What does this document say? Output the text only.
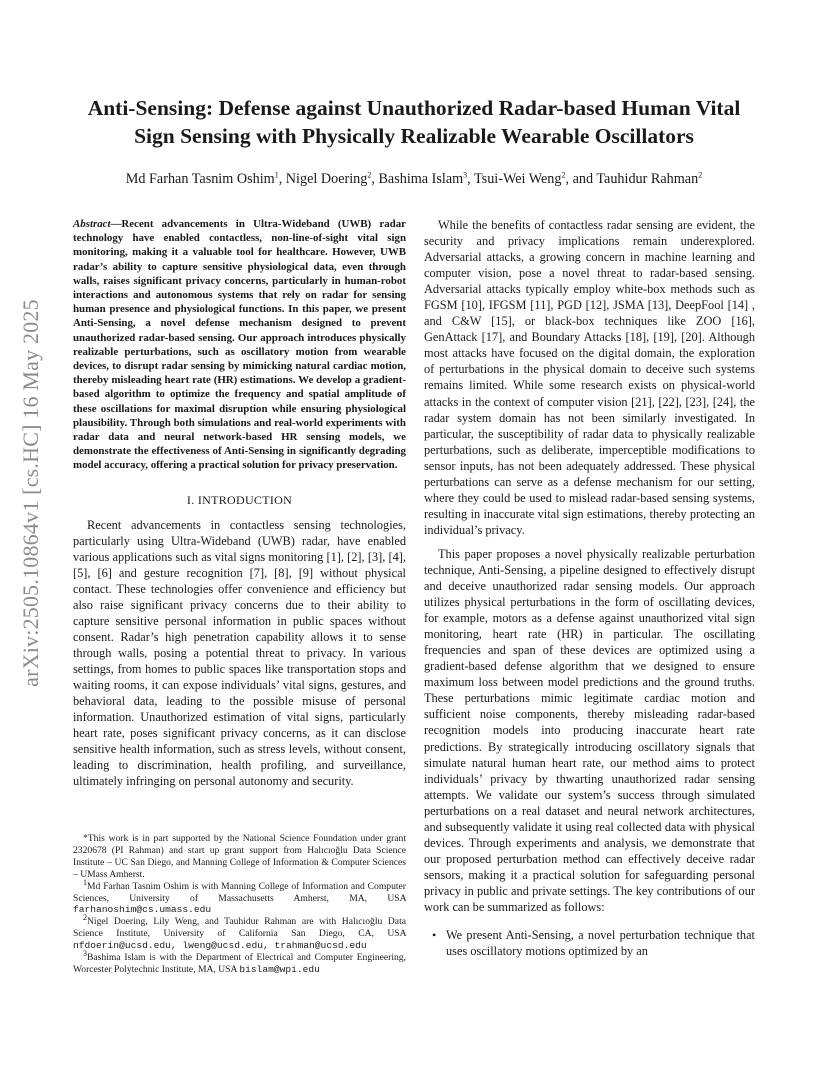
arXiv:2505.10864v1 [cs.HC] 16 May 2025
Anti-Sensing: Defense against Unauthorized Radar-based Human Vital
Sign Sensing with Physically Realizable Wearable Oscillators
Md Farhan Tasnim Oshim$^1$, Nigel Doering$^2$, Bashima Islam$^3$, Tsui-Wei Weng$^2$, and Tauhidur Rahman$^2$

Abstract—Recent advancements in Ultra-Wideband (UWB) radar technology have enabled contactless, non-line-of-sight vital sign monitoring, making it a valuable tool for healthcare. However, UWB radar’s ability to capture sensitive physiological data, even through walls, raises significant privacy concerns, particularly in human-robot interactions and autonomous systems that rely on radar for sensing human presence and physiological functions. In this paper, we present Anti-Sensing, a novel defense mechanism designed to prevent unauthorized radar-based sensing. Our approach introduces physically realizable perturbations, such as oscillatory motion from wearable devices, to disrupt radar sensing by mimicking natural cardiac motion, thereby misleading heart rate (HR) estimations. We develop a gradient-based algorithm to optimize the frequency and spatial amplitude of these oscillations for maximal disruption while ensuring physiological plausibility. Through both simulations and real-world experiments with radar data and neural network-based HR sensing models, we demonstrate the effectiveness of Anti-Sensing in significantly degrading model accuracy, offering a practical solution for privacy preservation.

I. INTRODUCTION

Recent advancements in contactless sensing technologies, particularly using Ultra-Wideband (UWB) radar, have enabled various applications such as vital signs monitoring [1], [2], [3], [4], [5], [6] and gesture recognition [7], [8], [9] without physical contact. These technologies offer convenience and efficiency but also raise significant privacy concerns due to their ability to capture sensitive personal information in public spaces without consent. Radar’s high penetration capability allows it to sense through walls, posing a potential threat to privacy. In various settings, from homes to public spaces like transportation stops and waiting rooms, it can expose individuals’ vital signs, gestures, and behavioral data, leading to the possible misuse of personal information. Unauthorized estimation of vital signs, particularly heart rate, poses significant privacy concerns, as it can disclose sensitive health information, such as stress levels, without consent, leading to discrimination, health profiling, and surveillance, ultimately infringing on personal autonomy and security.

*This work is in part supported by the National Science Foundation under grant 2320678 (PI Rahman) and start up grant support from Halıcıoğlu Data Science Institute – UC San Diego, and Manning College of Information & Computer Sciences – UMass Amherst.

$^1$Md Farhan Tasnim Oshim is with Manning College of Information and Computer Sciences, University of Massachusetts Amherst, MA, USA farhanoshim@cs.umass.edu

$^2$Nigel Doering, Lily Weng, and Tauhidur Rahman are with Halıcıoğlu Data Science Institute, University of California San Diego, CA, USA nfdoerin@ucsd.edu, lweng@ucsd.edu, trahman@ucsd.edu

$^3$Bashima Islam is with the Department of Electrical and Computer Engineering, Worcester Polytechnic Institute, MA, USA bislam@wpi.edu

While the benefits of contactless radar sensing are evident, the security and privacy implications remain underexplored. Adversarial attacks, a growing concern in machine learning and computer vision, pose a novel threat to radar-based sensing. Adversarial attacks typically employ white-box methods such as FGSM [10], IFGSM [11], PGD [12], JSMA [13], DeepFool [14] , and C&W [15], or black-box techniques like ZOO [16], GenAttack [17], and Boundary Attacks [18], [19], [20]. Although most attacks have focused on the digital domain, the exploration of perturbations in the physical domain to deceive such systems remains limited. While some research exists on physical-world attacks in the context of computer vision [21], [22], [23], [24], the radar system domain has not been similarly investigated. In particular, the susceptibility of radar data to physically realizable perturbations, such as deliberate, imperceptible modifications to sensor inputs, has not been adequately addressed. These physical perturbations can serve as a defense mechanism for our setting, where they could be used to mislead radar-based sensing systems, resulting in inaccurate vital sign estimations, thereby protecting an individual’s privacy.

This paper proposes a novel physically realizable perturbation technique, Anti-Sensing, a pipeline designed to effectively disrupt and deceive unauthorized radar sensing models. Our approach utilizes physical perturbations in the form of oscillating devices, for example, motors as a defense against unauthorized vital sign monitoring, heart rate (HR) in particular. The oscillating frequencies and span of these devices are optimized using a gradient-based defense algorithm that we designed to ensure maximum loss between model predictions and the ground truths. These perturbations mimic legitimate cardiac motion and sufficient noise components, thereby misleading radar-based recognition models into producing inaccurate heart rate predictions. By strategically introducing oscillatory signals that simulate natural human heart rate, our method aims to protect individuals’ privacy by thwarting unauthorized radar sensing attempts. We validate our system’s success through simulated perturbations on a real dataset and neural network architectures, and subsequently validate it using real collected data with physical devices. Through experiments and analysis, we demonstrate that our proposed perturbation method can effectively deceive radar sensors, making it a practical solution for safeguarding personal privacy in public and private settings. The key contributions of our work can be summarized as follows:

• We present Anti-Sensing, a novel perturbation technique that uses oscillatory motions optimized by an
